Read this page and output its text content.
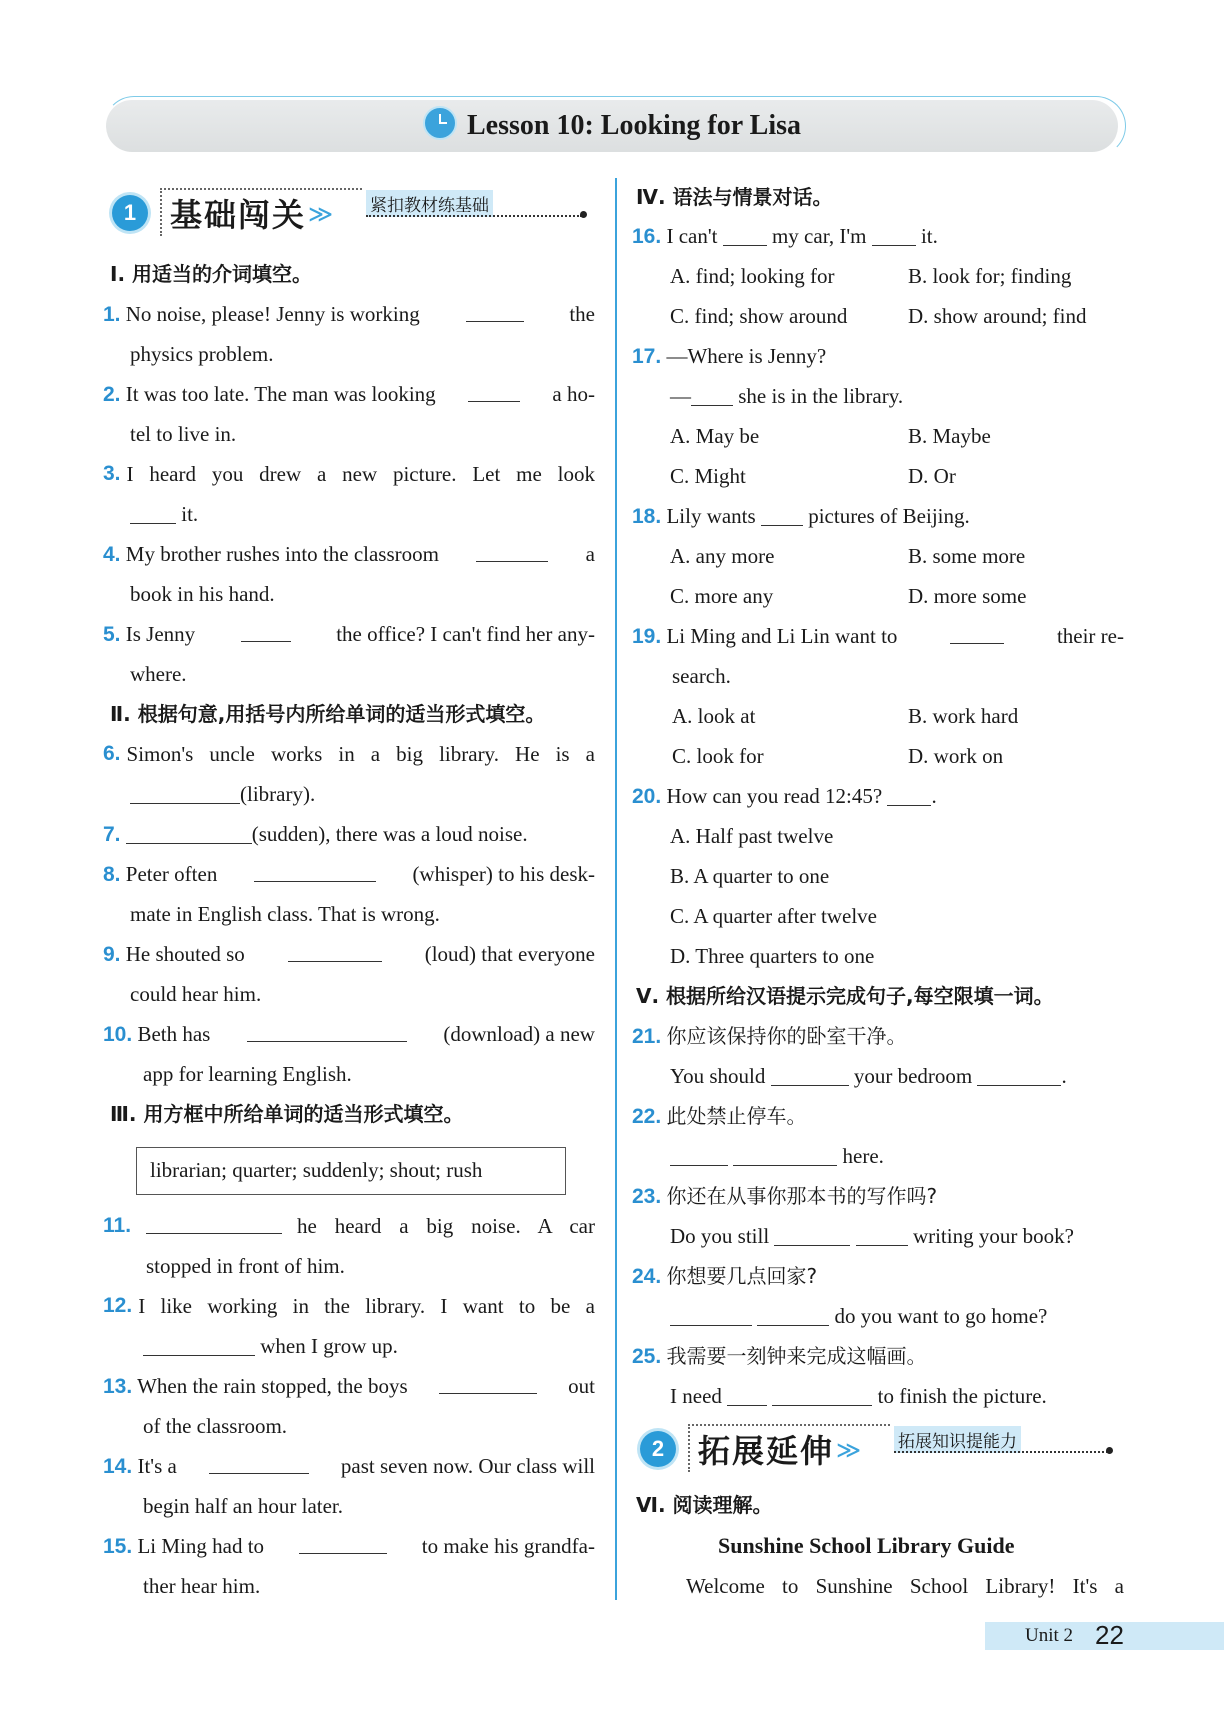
Lesson 10: Looking for Lisa
1	基础闯关 ≫ 紧扣教材练基础
Ⅰ. 用适当的介词填空。
1. No noise, please! Jenny is working	the
physics problem.
2. It was too late. The man was looking	a ho-
tel to live in.
3. I heard you drew a new picture. Let me look
it.
4. My brother rushes into the classroom	a
book in his hand.
5. Is Jenny	the office? I can't find her any-
where.
Ⅱ. 根据句意,用括号内所给单词的适当形式填空。
6. Simon's uncle works in a big library. He is a
(library).
7.	(sudden), there was a loud noise.
8. Peter often	(whisper) to his desk-
mate in English class. That is wrong.
9. He shouted so	(loud) that everyone
could hear him.
10. Beth has	(download) a new
app for learning English.
Ⅲ. 用方框中所给单词的适当形式填空。
librarian; quarter; suddenly; shout; rush
11.	he heard a big noise. A car
stopped in front of him.
12. I like working in the library. I want to be a
when I grow up.
13. When the rain stopped, the boys	out
of the classroom.
14. It's a	past seven now. Our class will
begin half an hour later.
15. Li Ming had to	to make his grandfa-
ther hear him.
Ⅳ. 语法与情景对话。
16. I can't	my car, I'm	it.
A. find; looking for	B. look for; finding
C. find; show around	D. show around; find
17. —Where is Jenny?
— she is in the library.
A. May be	B. Maybe
C. Might	D. Or
18. Lily wants	pictures of Beijing.
A. any more	B. some more
C. more any	D. more some
19. Li Ming and Li Lin want to	their re-
search.
A. look at	B. work hard
C. look for	D. work on
20. How can you read 12:45? .
A. Half past twelve
B. A quarter to one
C. A quarter after twelve
D. Three quarters to one
Ⅴ. 根据所给汉语提示完成句子,每空限填一词。
21. 你应该保持你的卧室干净。
You should	your bedroom	.
22. 此处禁止停车。
here.
23. 你还在从事你那本书的写作吗?
Do you still	writing your book?
24. 你想要几点回家?
do you want to go home?
25. 我需要一刻钟来完成这幅画。
I need	to finish the picture.
2	拓展延伸 ≫ 拓展知识提能力
Ⅵ. 阅读理解。
Sunshine School Library Guide
Welcome to Sunshine School Library! It's a
Unit 2 22
